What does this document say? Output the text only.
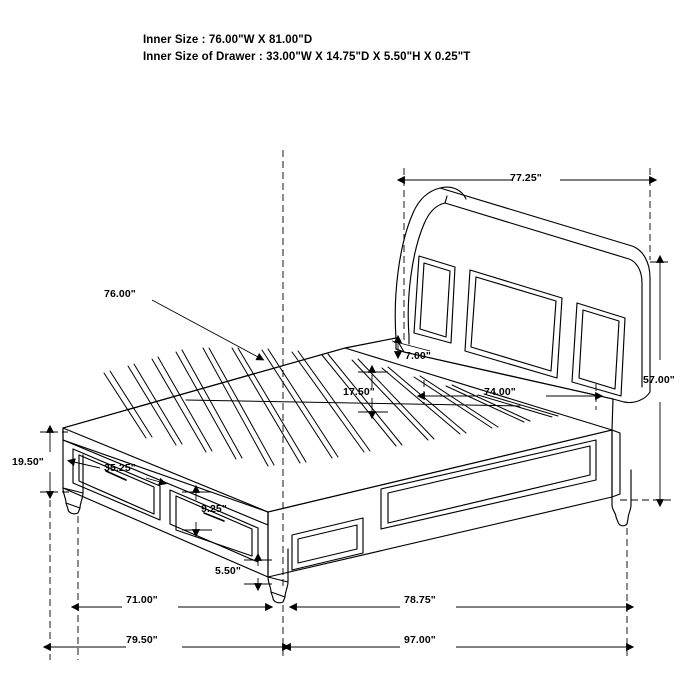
Inner Size : 76.00"W X 81.00"D
Inner Size of Drawer : 33.00"W X 14.75"D X 5.50"H X 0.25"T
77.25"
76.00"
57.00"
7.00"
17.50"	74.00"
19.50"	35.25"
9.25"
5.50"
71.00"	78.75"
79.50"	97.00"
